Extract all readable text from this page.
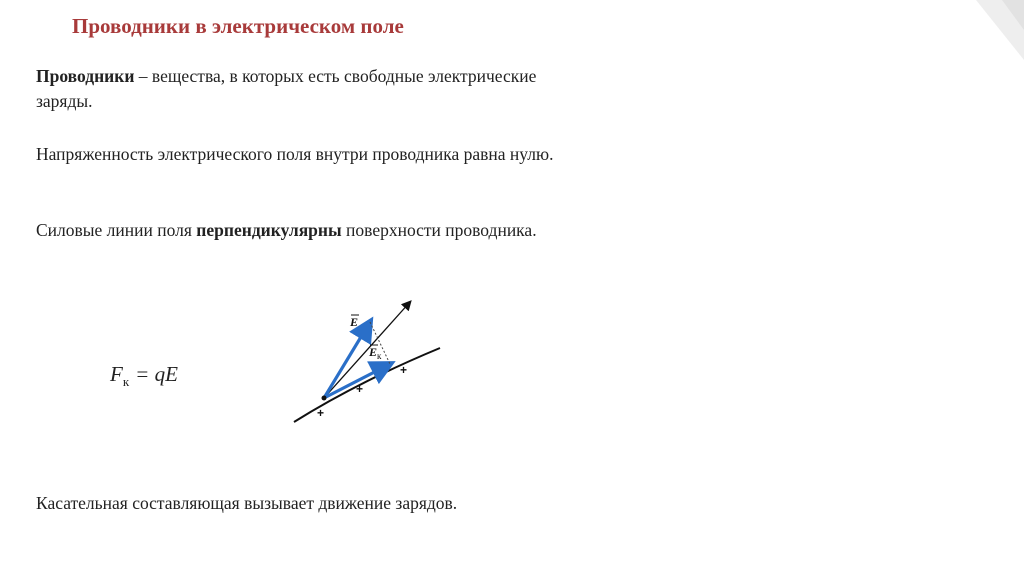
Проводники в электрическом поле
Проводники – вещества, в которых есть свободные электрические заряды.
Напряженность электрического поля внутри проводника равна нулю.
Силовые линии поля перпендикулярны поверхности проводника.
$F_к$ = qE
E
E к
+
+
+
Касательная составляющая вызывает движение зарядов.
